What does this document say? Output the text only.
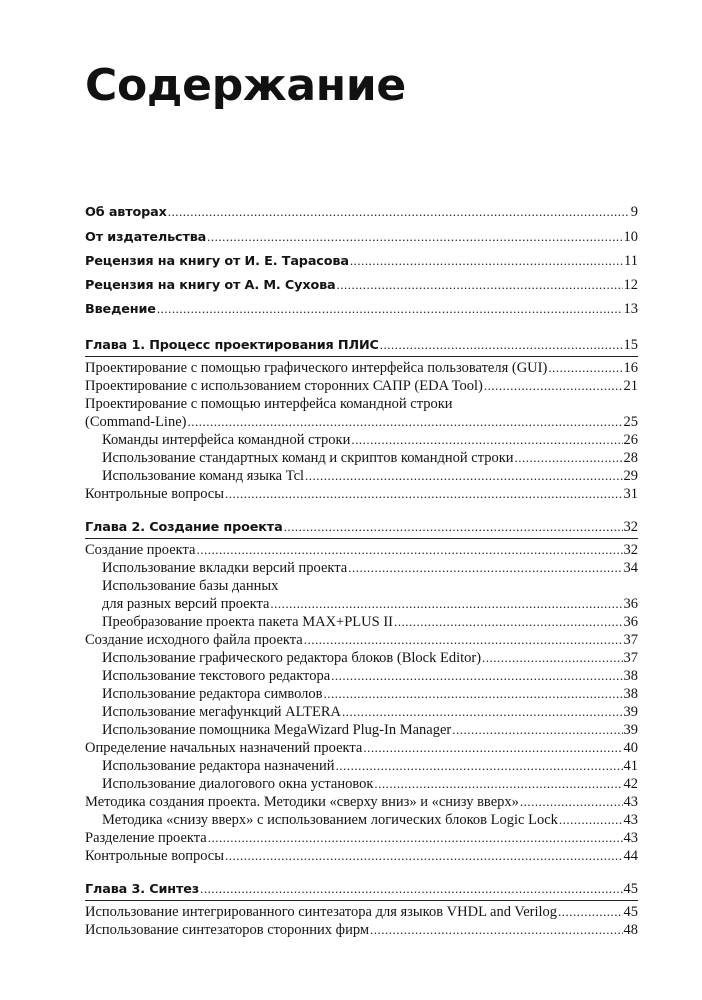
Содержание
Об авторах .....	9
От издательства .....	10
Рецензия на книгу от И. Е. Тарасова .....	11
Рецензия на книгу от А. М. Сухова .....	12
Введение .....	13
Глава 1. Процесс проектирования ПЛИС .....	15
Проектирование с помощью графического интерфейса пользователя (GUI) .....	16
Проектирование с использованием сторонних САПР (EDA Tool) .....	21
Проектирование с помощью интерфейса командной строки
(Command-Line) .....	25
Команды интерфейса командной строки .....	26
Использование стандартных команд и скриптов командной строки .....	28
Использование команд языка Tcl .....	29
Контрольные вопросы .....	31
Глава 2. Создание проекта .....	32
Создание проекта .....	32
Использование вкладки версий проекта .....	34
Использование базы данных
для разных версий проекта .....	36
Преобразование проекта пакета MAX+PLUS II .....	36
Создание исходного файла проекта .....	37
Использование графического редактора блоков (Block Editor) .....	37
Использование текстового редактора .....	38
Использование редактора символов .....	38
Использование мегафункций ALTERA .....	39
Использование помощника MegaWizard Plug-In Manager .....	39
Определение начальных назначений проекта .....	40
Использование редактора назначений .....	41
Использование диалогового окна установок .....	42
Методика создания проекта. Методики «сверху вниз» и «снизу вверх» .....	43
Методика «снизу вверх» с использованием логических блоков Logic Lock .....	43
Разделение проекта .....	43
Контрольные вопросы .....	44
Глава 3. Синтез .....	45
Использование интегрированного синтезатора для языков VHDL and Verilog .....	45
Использование синтезаторов сторонних фирм .....	48
